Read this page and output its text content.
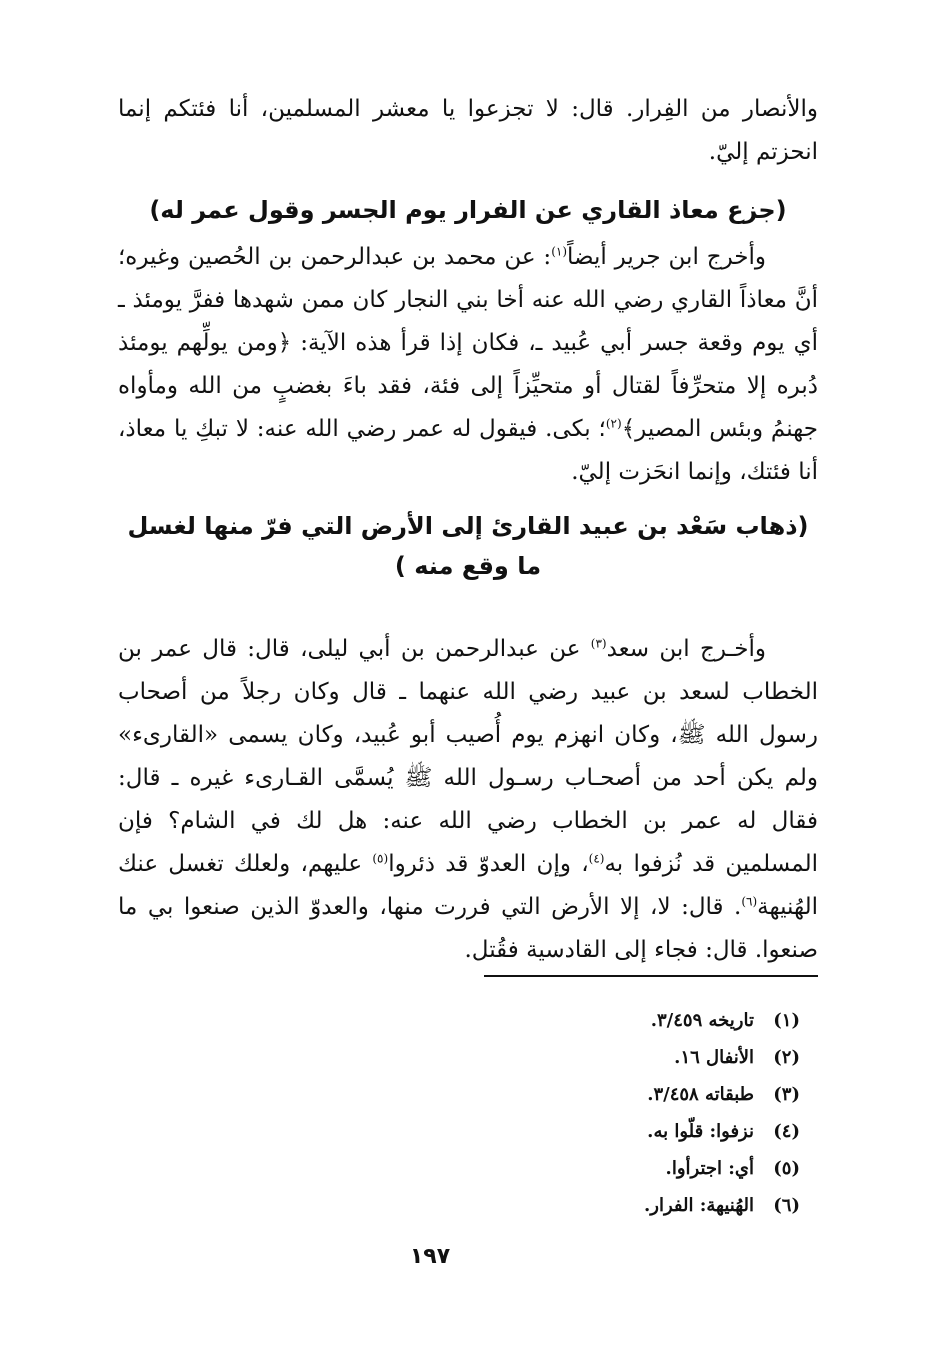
والأنصار من الفِرار. قال: لا تجزعوا يا معشر المسلمين، أنا فئتكم إنما انحزتم إليّ.

(جزع معاذ القاري عن الفرار يوم الجسر وقول عمر له)

وأخرج ابن جرير أيضاً$^{(١)}$: عن محمد بن عبدالرحمن بن الحُصين وغيره؛ أنَّ معاذاً القاري رضي الله عنه أخا بني النجار كان ممن شهدها ففرَّ يومئذ ـ أي يوم وقعة جسر أبي عُبيد ـ، فكان إذا قرأ هذه الآية: ﴿ومن يولِّهم يومئذ دُبره إلا متحرِّفاً لقتال أو متحيِّزاً إلى فئة، فقد باءَ بغضبٍ من الله ومأواه جهنمُ وبئس المصير﴾$^{(٢)}$؛ بكى. فيقول له عمر رضي الله عنه: لا تبكِ يا معاذ، أنا فئتك، وإنما انحَزت إليّ.

(ذهاب سَعْد بن عبيد القارئ إلى الأرض التي فرّ منها لغسل ما وقع منه )

وأخـرج ابن سعد$^{(٣)}$ عن عبدالرحمن بن أبي ليلى، قال: قال عمر بن الخطاب لسعد بن عبيد رضي الله عنهما ـ قال وكان رجلاً من أصحاب رسول الله ﷺ، وكان انهزم يوم أُصيب أبو عُبيد، وكان يسمى «القارىء» ولم يكن أحد من أصحـاب رسـول الله ﷺ يُسمَّى القـارىء غيره ـ قال: فقال له عمر بن الخطاب رضي الله عنه: هل لك في الشام؟ فإن المسلمين قد نُزفوا به$^{(٤)}$، وإن العدوّ قد ذئروا$^{(٥)}$ عليهم، ولعلك تغسل عنك الهُنيهة$^{(٦)}$. قال: لا، إلا الأرض التي فررت منها، والعدوّ الذين صنعوا بي ما صنعوا. قال: فجاء إلى القادسية فقُتل.

(١)
تاريخه ٣/٤٥٩.
(٢)
الأنفال ١٦.
(٣)
طبقاته ٣/٤٥٨.
(٤)
نزفوا: قلّوا به.
(٥)
أي: اجترأوا.
(٦)
الهُنيهة: الفرار.
١٩٧
